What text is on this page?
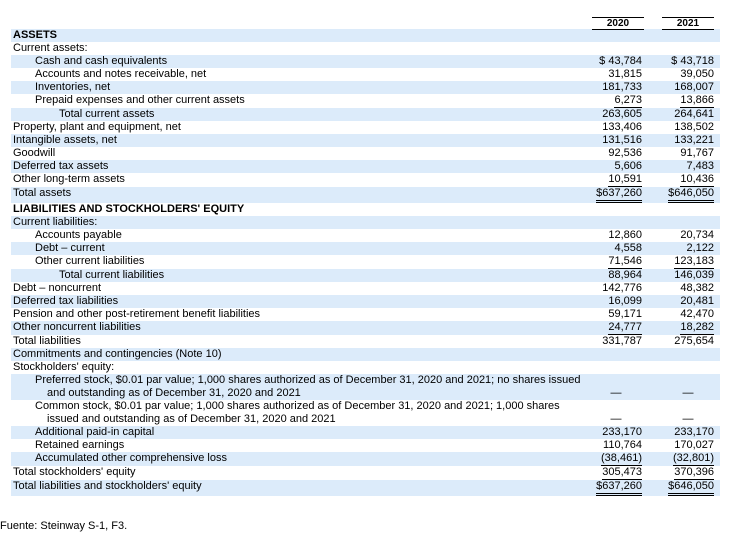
2020	2021
ASSETS
Current assets:
Cash and cash equivalents	$ 43,784	$ 43,718
Accounts and notes receivable, net	31,815	39,050
Inventories, net	181,733	168,007
Prepaid expenses and other current assets	6,273	13,866
Total current assets	263,605	264,641
Property, plant and equipment, net	133,406	138,502
Intangible assets, net	131,516	133,221
Goodwill	92,536	91,767
Deferred tax assets	5,606	7,483
Other long-term assets	10,591	10,436
Total assets	$637,260	$646,050
LIABILITIES AND STOCKHOLDERS' EQUITY
Current liabilities:
Accounts payable	12,860	20,734
Debt – current	4,558	2,122
Other current liabilities	71,546	123,183
Total current liabilities	88,964	146,039
Debt – noncurrent	142,776	48,382
Deferred tax liabilities	16,099	20,481
Pension and other post-retirement benefit liabilities	59,171	42,470
Other noncurrent liabilities	24,777	18,282
Total liabilities	331,787	275,654
Commitments and contingencies (Note 10)
Stockholders' equity:
Preferred stock, $0.01 par value; 1,000 shares authorized as of December 31, 2020 and 2021; no shares issued and outstanding as of December 31, 2020 and 2021	—	—
Common stock, $0.01 par value; 1,000 shares authorized as of December 31, 2020 and 2021; 1,000 shares issued and outstanding as of December 31, 2020 and 2021	—	—
Additional paid-in capital	233,170	233,170
Retained earnings	110,764	170,027
Accumulated other comprehensive loss	(38,461)	(32,801)
Total stockholders' equity	305,473	370,396
Total liabilities and stockholders' equity	$637,260	$646,050
Fuente: Steinway S-1, F3.
